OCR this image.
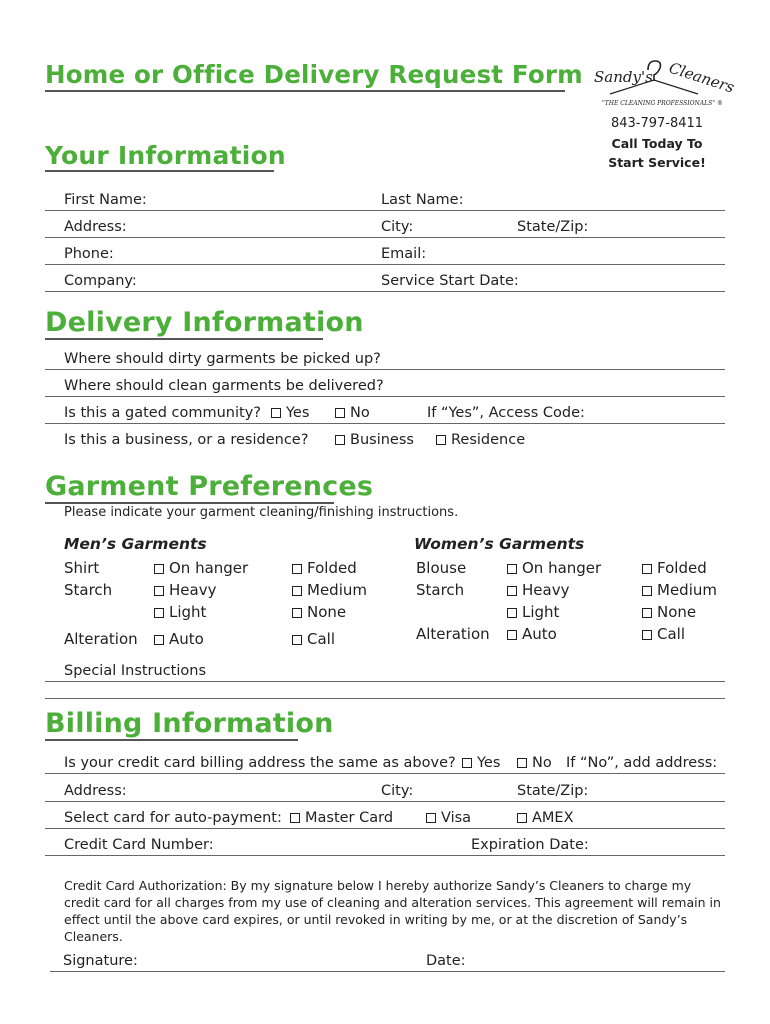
Home or Office Delivery Request Form Sandy's Cleaners
"THE CLEANING PROFESSIONALS" ®
843-797-8411
Call Today To
Start Service!
Your Information
First Name:	Last Name:
Address:	City:	State/Zip:
Phone:	Email:
Company:	Service Start Date:
Delivery Information
Where should dirty garments be picked up?
Where should clean garments be delivered?
Is this a gated community?	Yes	No	If “Yes”, Access Code:
Is this a business, or a residence?	Business	Residence
Garment Preferences
Please indicate your garment cleaning/finishing instructions.
Men’s Garments	Women’s Garments
Shirt	On hanger	Folded
Starch	Heavy	Medium
Light	None
Alteration	Auto	Call
Blouse	On hanger	Folded
Starch	Heavy	Medium
Light	None
Alteration	Auto	Call
Special Instructions
Billing Information
Is your credit card billing address the same as above?	Yes	No If “No”, add address:
Address:	City:	State/Zip:
Select card for auto-payment:	Master Card	Visa	AMEX
Credit Card Number:	Expiration Date:
Credit Card Authorization: By my signature below I hereby authorize Sandy’s Cleaners to charge my credit card for all charges from my use of cleaning and alteration services. This agreement will remain in effect until the above card expires, or until revoked in writing by me, or at the discretion of Sandy’s Cleaners.
Signature:	Date:
